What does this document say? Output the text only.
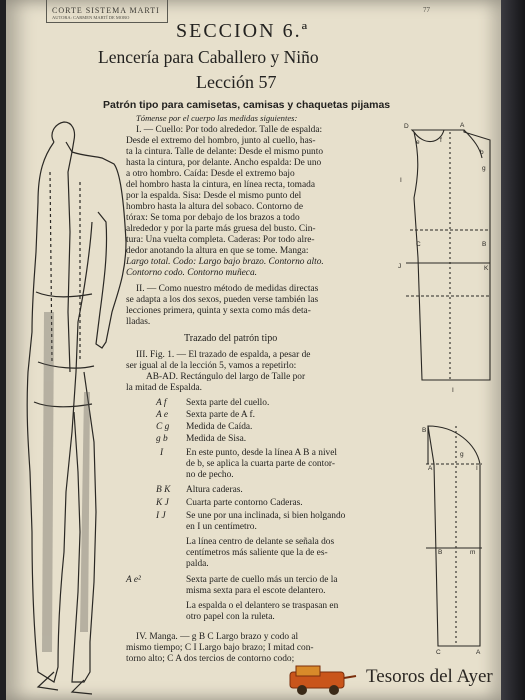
CORTE SISTEMA MARTI
AUTORA: CARMEN MARTÍ DE MORO
77
SECCION 6.ª
Lencería para Caballero y Niño
Lección 57
Patrón tipo para camisetas, camisas y chaquetas pijamas
Tómense por el cuerpo las medidas siguientes:
I. — Cuello: Por todo alrededor. Talle de espalda:
Desde el extremo del hombro, junto al cuello, has-
ta la cintura. Talle de delante: Desde el mismo punto
hasta la cintura, por delante. Ancho espalda: De uno
a otro hombro. Caída: Desde el extremo bajo
del hombro hasta la cintura, en línea recta, tomada
por la espalda. Sisa: Desde el mismo punto del
hombro hasta la altura del sobaco. Contorno de
tórax: Se toma por debajo de los brazos a todo
alrededor y por la parte más gruesa del busto. Cin-
tura: Una vuelta completa. Caderas: Por todo alre-
dedor anotando la altura en que se tome. Manga:
Largo total. Codo: Largo bajo brazo. Contorno alto.
Contorno codo. Contorno muñeca.
II. — Como nuestro método de medidas directas
se adapta a los dos sexos, pueden verse también las
lecciones primera, quinta y sexta como más deta-
lladas.
Trazado del patrón tipo
III. Fig. 1. — El trazado de espalda, a pesar de
ser igual al de la lección 5, vamos a repetirlo:
AB-AD. Rectángulo del largo de Talle por
la mitad de Espalda.
A f Sexta parte del cuello.
A e Sexta parte de A f.
C g Medida de Caída.
g b Medida de Sisa.
I En este punto, desde la línea A B a nivel
de b, se aplica la cuarta parte de contor-
no de pecho.
B K Altura caderas.
K J Cuarta parte contorno Caderas.
I J Se une por una inclinada, si bien holgando
en I un centímetro.
La línea centro de delante se señala dos
centímetros más saliente que la de es-
palda.
A e²	Sexta parte de cuello más un tercio de la
misma sexta para el escote delantero.
La espalda o el delantero se traspasan en
otro papel con la ruleta.
IV. Manga. — g B C Largo brazo y codo al
mismo tiempo; C I Largo bajo brazo; I mitad con-
torno alto; C A dos tercios de contorno codo;
D	A
e	f
b
g
I
C
J	K
B
I
B
g
A	I
B	m
C	A
Tesoros del Ayer
